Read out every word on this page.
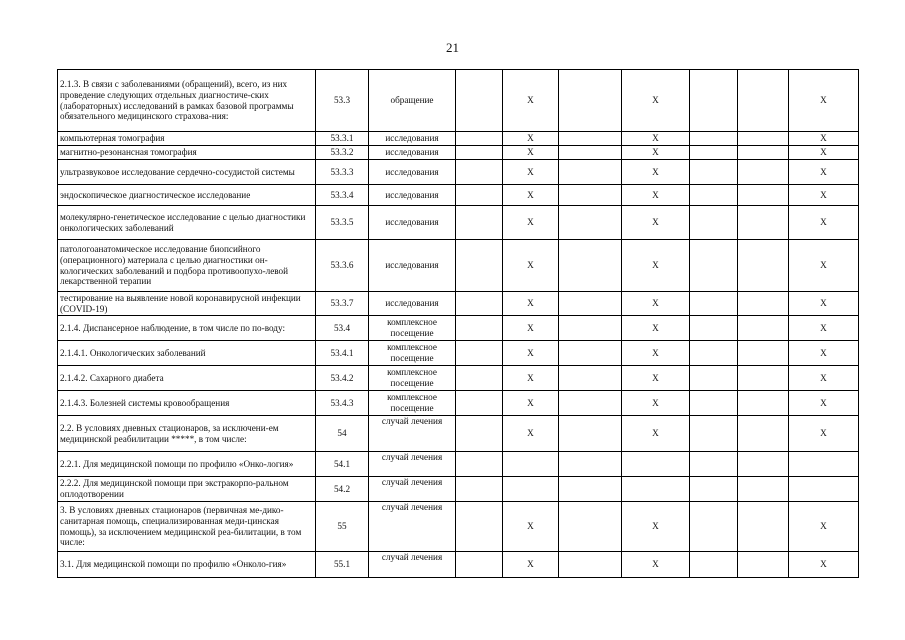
21
2.1.3. В связи с заболеваниями (обращений), всего, из них проведение следующих отдельных диагностиче-ских (лабораторных) исследований в рамках базовой программы обязательного медицинского страхова-ния:	53.3	обращение		X		X			X
компьютерная томография	53.3.1	исследования		X		X			X
магнитно-резонансная томография	53.3.2	исследования		X		X			X
ультразвуковое исследование сердечно-сосудистой системы	53.3.3	исследования		X		X			X
эндоскопическое диагностическое исследование	53.3.4	исследования		X		X			X
молекулярно-генетическое исследование с целью диагностики онкологических заболеваний	53.3.5	исследования		X		X			X
патологоанатомическое исследование биопсийного (операционного) материала с целью диагностики он-кологических заболеваний и подбора противоопухо-левой лекарственной терапии	53.3.6	исследования		X		X			X
тестирование на выявление новой коронавирусной инфекции (COVID-19)	53.3.7	исследования		X		X			X
2.1.4. Диспансерное наблюдение, в том числе по по-воду:	53.4	комплексное посещение		X		X			X
2.1.4.1. Онкологических заболеваний	53.4.1	комплексное посещение		X		X			X
2.1.4.2. Сахарного диабета	53.4.2	комплексное посещение		X		X			X
2.1.4.3. Болезней системы кровообращения	53.4.3	комплексное посещение		X		X			X
2.2. В условиях дневных стационаров, за исключени-ем медицинской реабилитации *****, в том числе:	54	случай лечения		X		X			X
2.2.1. Для медицинской помощи по профилю «Онко-логия»	54.1	случай лечения							
2.2.2. Для медицинской помощи при экстракорпо-ральном оплодотворении	54.2	случай лечения							
3. В условиях дневных стационаров (первичная ме-дико-санитарная помощь, специализированная меди-цинская помощь), за исключением медицинской реа-билитации, в том числе:	55	случай лечения		X		X			X
3.1. Для медицинской помощи по профилю «Онколо-гия»	55.1	случай лечения		X		X			X
